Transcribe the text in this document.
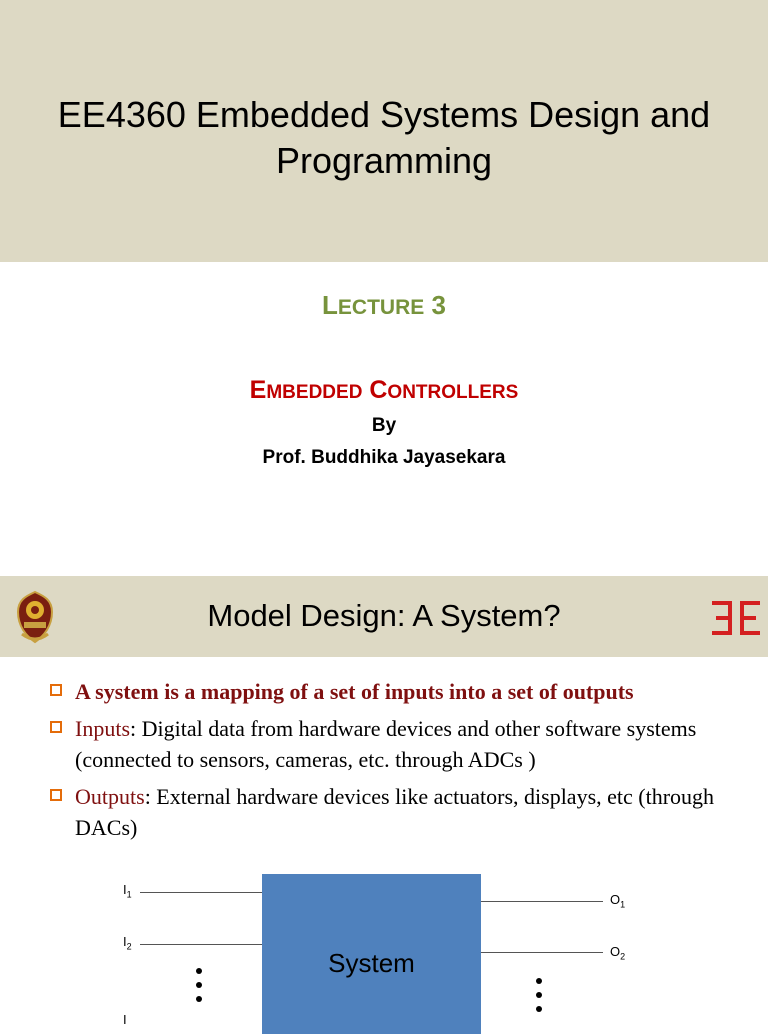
EE4360 Embedded Systems Design and Programming
LECTURE 3
EMBEDDED CONTROLLERS
By
Prof. Buddhika Jayasekara
Model Design: A System?
A system is a mapping of a set of inputs into a set of outputs
Inputs: Digital data from hardware devices and other software systems (connected to sensors, cameras, etc. through ADCs )
Outputs: External hardware devices like actuators, displays, etc (through DACs)
System
$I_1$
$I_2$
I
$O_1$
$O_2$
